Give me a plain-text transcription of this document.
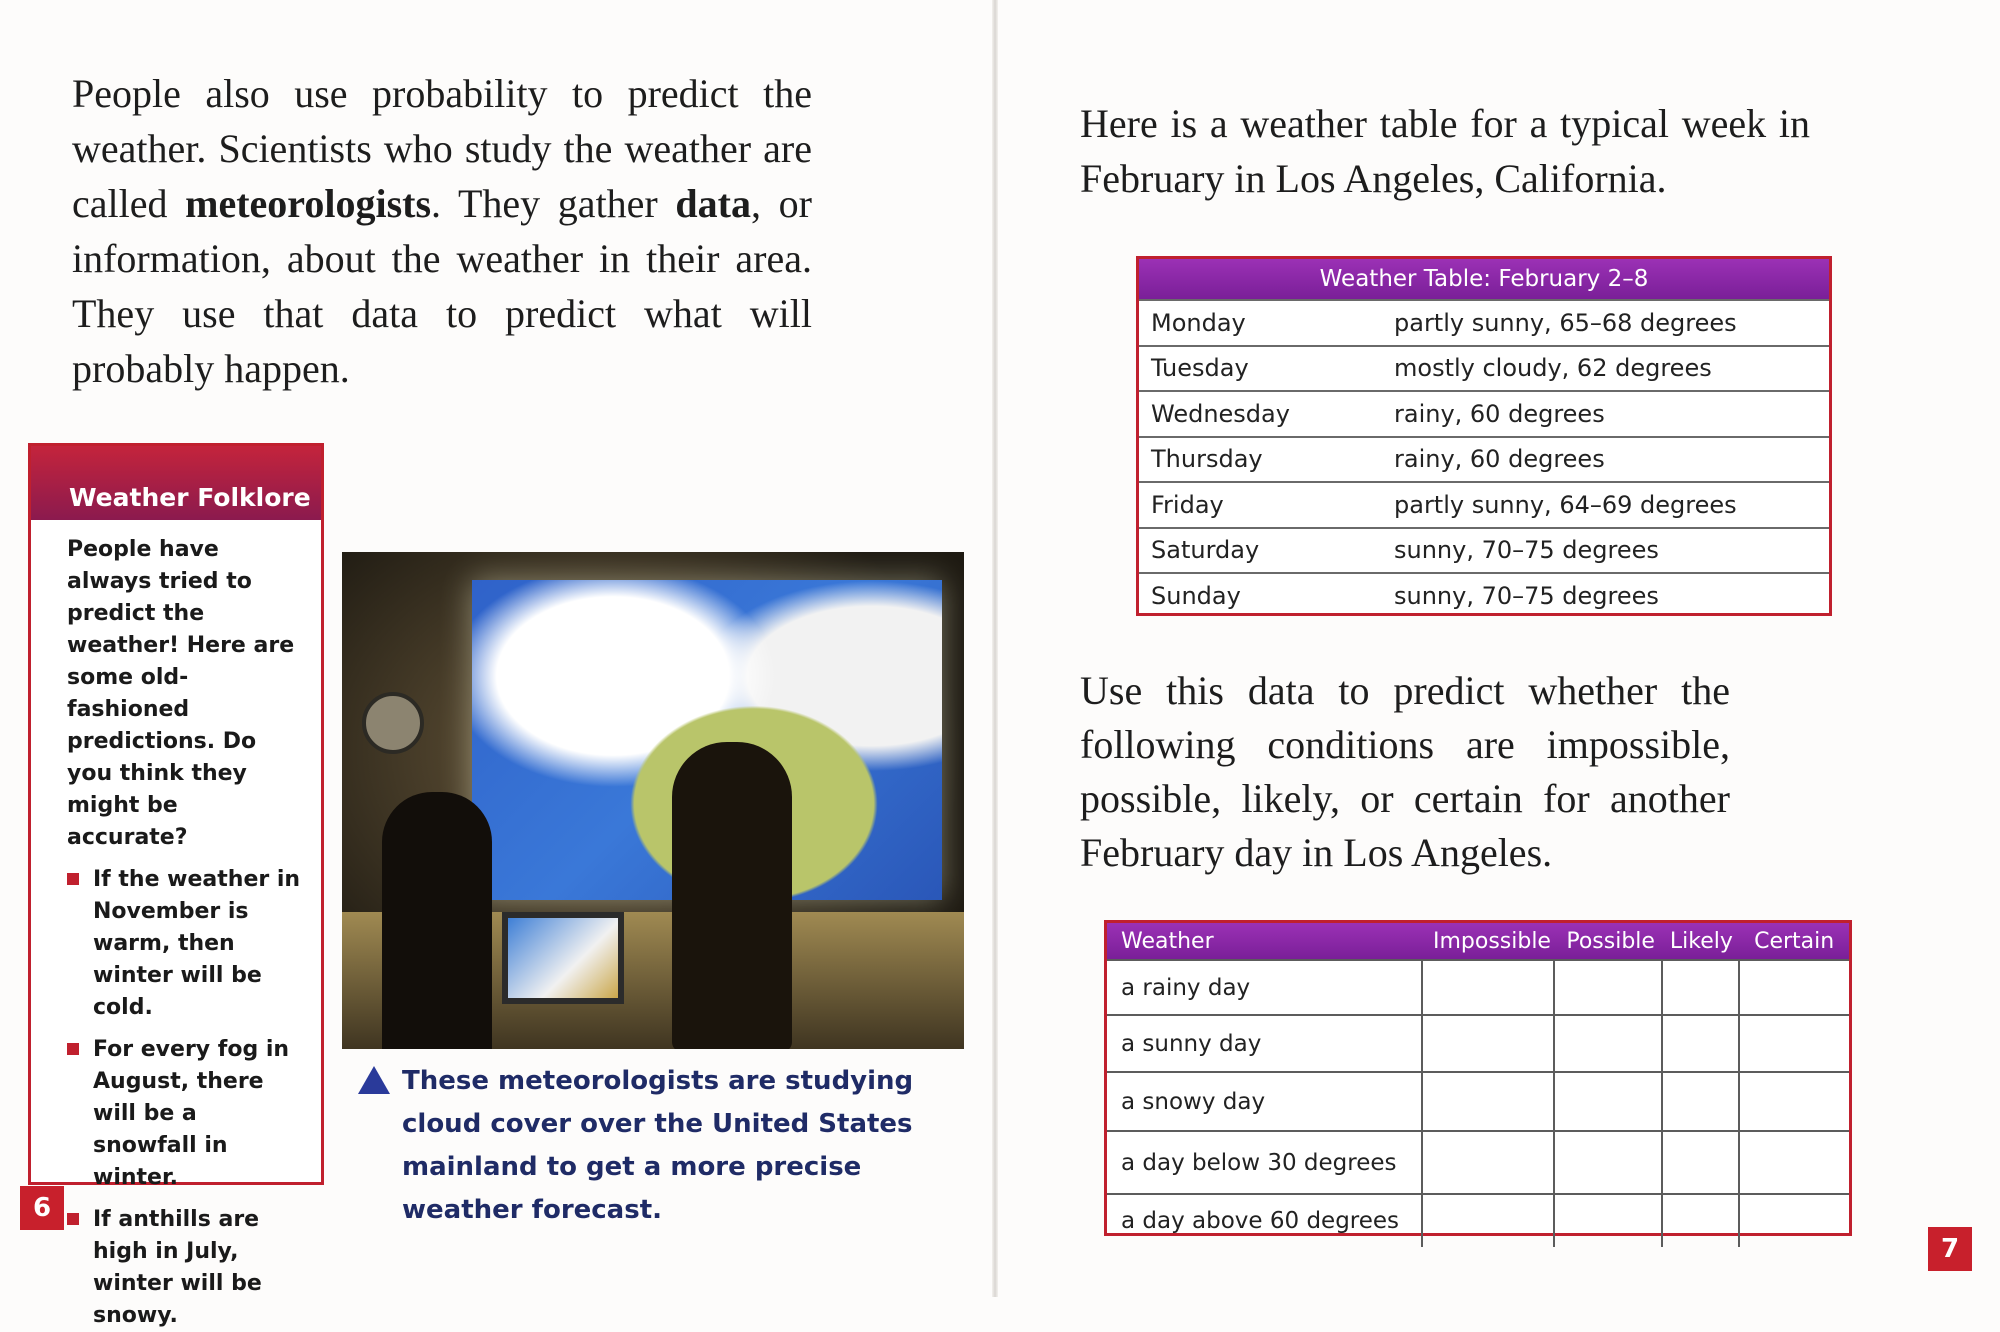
People also use probability to predict the weather. Scientists who study the weather are called meteorologists. They gather data, or information, about the weather in their area. They use that data to predict what will probably happen.

Weather Folklore

People have always tried to predict the weather! Here are some old-fashioned predictions. Do you think they might be accurate?

If the weather in November is warm, then winter will be cold.
For every fog in August, there will be a snowfall in winter.
If anthills are high in July, winter will be snowy.
These meteorologists are studying cloud cover over the United States mainland to get a more precise weather forecast.
6

Here is a weather table for a typical week in February in Los Angeles, California.

Weather Table: February 2–8
Monday	partly sunny, 65–68 degrees
Tuesday	mostly cloudy, 62 degrees
Wednesday	rainy, 60 degrees
Thursday	rainy, 60 degrees
Friday	partly sunny, 64–69 degrees
Saturday	sunny, 70–75 degrees
Sunday	sunny, 70–75 degrees

Use this data to predict whether the following conditions are impossible, possible, likely, or certain for another February day in Los Angeles.

Weather	Impossible Possible Likely Certain
a rainy day
a sunny day
a snowy day
a day below 30 degrees
a day above 60 degrees
7
